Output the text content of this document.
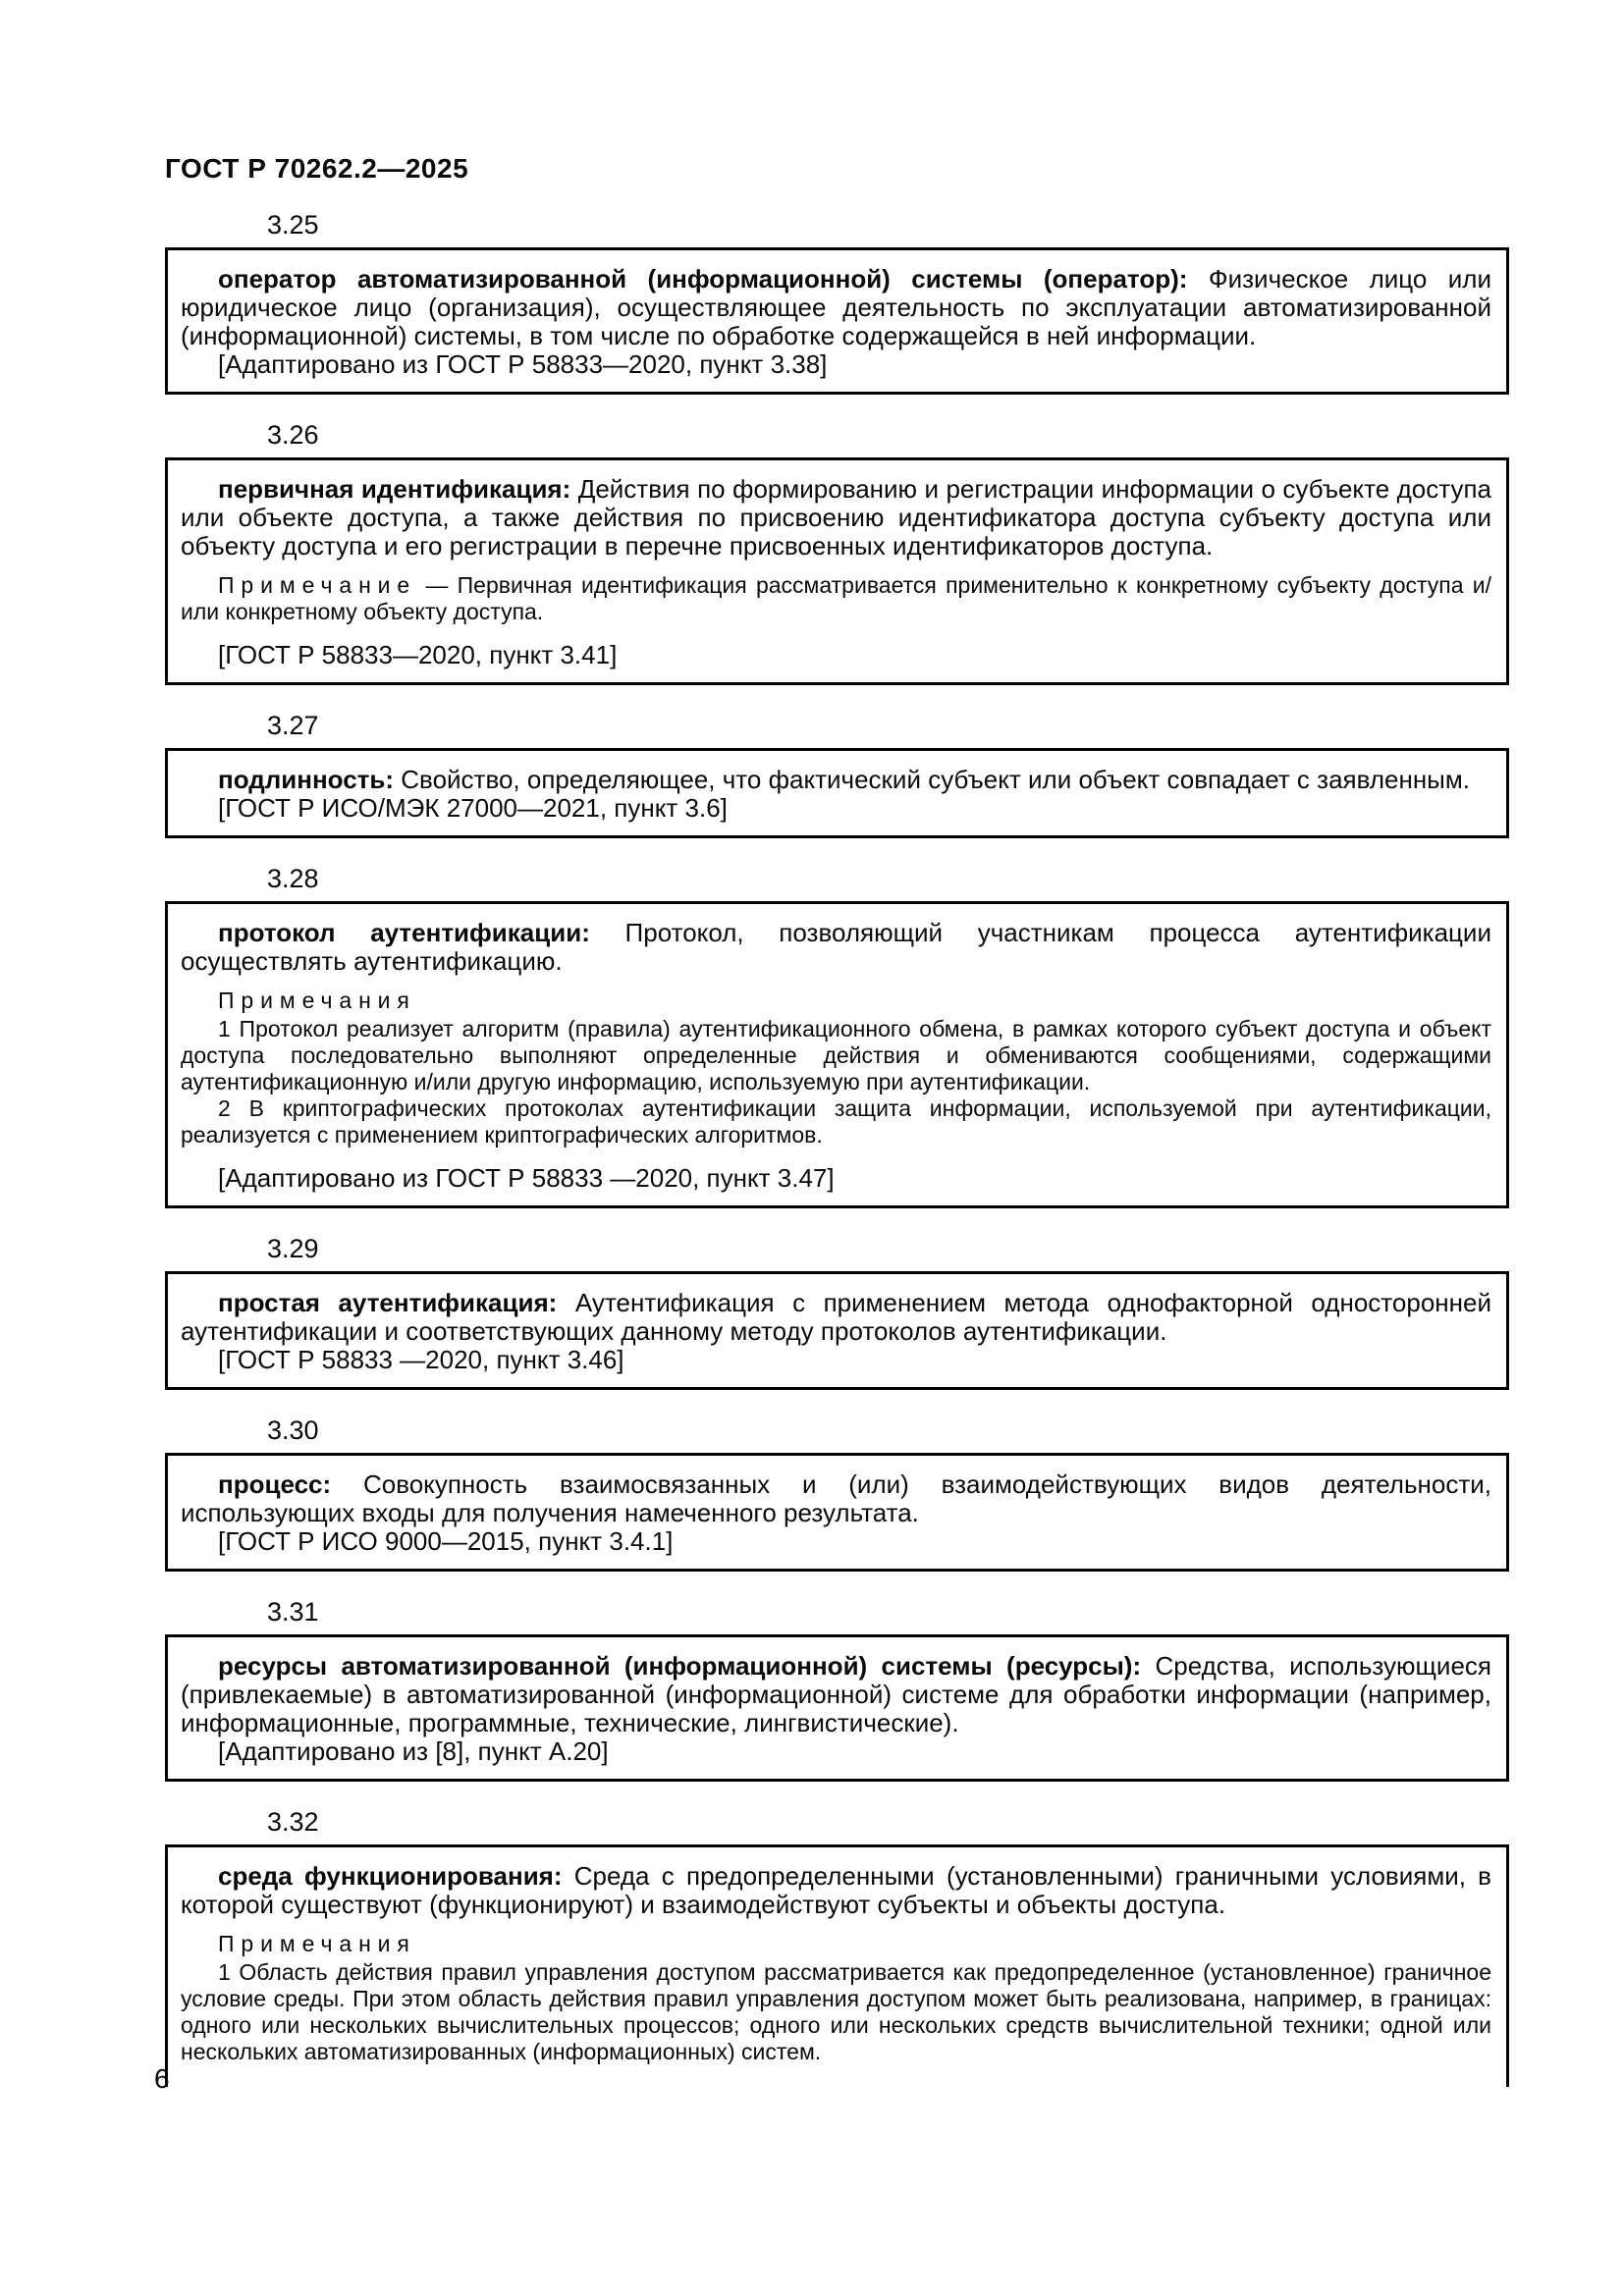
ГОСТ Р 70262.2—2025
3.25

оператор автоматизированной (информационной) системы (оператор): Физическое лицо или юридическое лицо (организация), осуществляющее деятельность по эксплуатации автоматизированной (информационной) системы, в том числе по обработке содержащейся в ней информации.

[Адаптировано из ГОСТ Р 58833—2020, пункт 3.38]

3.26

первичная идентификация: Действия по формированию и регистрации информации о субъекте доступа или объекте доступа, а также действия по присвоению идентификатора доступа субъекту доступа или объекту доступа и его регистрации в перечне присвоенных идентификаторов доступа.

Примечание — Первичная идентификация рассматривается применительно к конкретному субъекту доступа и/или конкретному объекту доступа.

[ГОСТ Р 58833—2020, пункт 3.41]

3.27

подлинность: Свойство, определяющее, что фактический субъект или объект совпадает с заявленным.

[ГОСТ Р ИСО/МЭК 27000—2021, пункт 3.6]

3.28

протокол аутентификации: Протокол, позволяющий участникам процесса аутентификации осуществлять аутентификацию.

Примечания

1 Протокол реализует алгоритм (правила) аутентификационного обмена, в рамках которого субъект доступа и объект доступа последовательно выполняют определенные действия и обмениваются сообщениями, содержащими аутентификационную и/или другую информацию, используемую при аутентификации.

2 В криптографических протоколах аутентификации защита информации, используемой при аутентификации, реализуется с применением криптографических алгоритмов.

[Адаптировано из ГОСТ Р 58833 —2020, пункт 3.47]

3.29

простая аутентификация: Аутентификация с применением метода однофакторной односторонней аутентификации и соответствующих данному методу протоколов аутентификации.

[ГОСТ Р 58833 —2020, пункт 3.46]

3.30

процесс: Совокупность взаимосвязанных и (или) взаимодействующих видов деятельности, использующих входы для получения намеченного результата.

[ГОСТ Р ИСО 9000—2015, пункт 3.4.1]

3.31

ресурсы автоматизированной (информационной) системы (ресурсы): Средства, использующиеся (привлекаемые) в автоматизированной (информационной) системе для обработки информации (например, информационные, программные, технические, лингвистические).

[Адаптировано из [8], пункт А.20]

3.32

среда функционирования: Среда с предопределенными (установленными) граничными условиями, в которой существуют (функционируют) и взаимодействуют субъекты и объекты доступа.

Примечания

1 Область действия правил управления доступом рассматривается как предопределенное (установленное) граничное условие среды. При этом область действия правил управления доступом может быть реализована, например, в границах: одного или нескольких вычислительных процессов; одного или нескольких средств вычислительной техники; одной или нескольких автоматизированных (информационных) систем.

6
